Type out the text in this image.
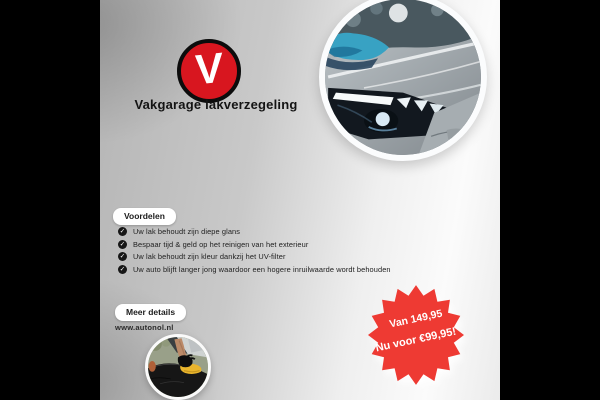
V
Vakgarage lakverzegeling
Voordelen
✓ Uw lak behoudt zijn diepe glans
✓ Bespaar tijd & geld op het reinigen van het exterieur
✓ Uw lak behoudt zijn kleur dankzij het UV-filter
✓ Uw auto blijft langer jong waardoor een hogere inruilwaarde wordt behouden
Meer details
www.autonol.nl	Van 149,95
Nu voor €99,95!
